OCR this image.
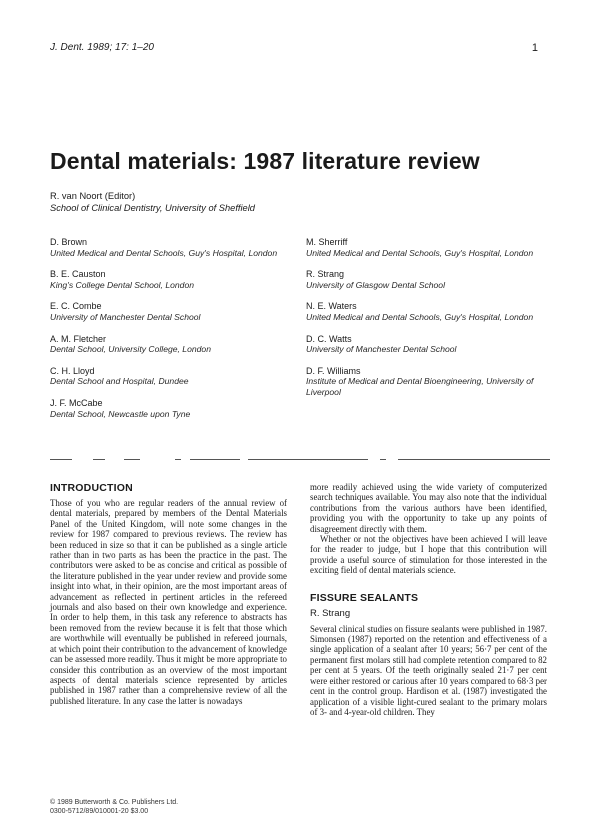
J. Dent. 1989; 17: 1–20	1
Dental materials: 1987 literature review
R. van Noort (Editor)
School of Clinical Dentistry, University of Sheffield
D. Brown
United Medical and Dental Schools, Guy's Hospital, London
B. E. Causton
King's College Dental School, London
E. C. Combe
University of Manchester Dental School
A. M. Fletcher
Dental School, University College, London
C. H. Lloyd
Dental School and Hospital, Dundee
J. F. McCabe
Dental School, Newcastle upon Tyne
M. Sherriff
United Medical and Dental Schools, Guy's Hospital, London
R. Strang
University of Glasgow Dental School
N. E. Waters
United Medical and Dental Schools, Guy's Hospital, London
D. C. Watts
University of Manchester Dental School
D. F. Williams
Institute of Medical and Dental Bioengineering, University of Liverpool
INTRODUCTION

Those of you who are regular readers of the annual review of dental materials, prepared by members of the Dental Materials Panel of the United Kingdom, will note some changes in the review for 1987 compared to previous reviews. The review has been reduced in size so that it can be published as a single article rather than in two parts as has been the practice in the past. The contributors were asked to be as concise and critical as possible of the literature published in the year under review and provide some insight into what, in their opinion, are the most important areas of advancement as reflected in pertinent articles in the refereed journals and also based on their own knowledge and experience. In order to help them, in this task any reference to abstracts has been removed from the review because it is felt that those which are worthwhile will eventually be published in refereed journals, at which point their contribution to the advancement of knowledge can be assessed more readily. Thus it might be more appropriate to consider this contribution as an overview of the most important aspects of dental materials science represented by articles published in 1987 rather than a comprehensive review of all the published literature. In any case the latter is nowadays

more readily achieved using the wide variety of computerized search techniques available. You may also note that the individual contributions from the various authors have been identified, providing you with the opportunity to take up any points of disagreement directly with them.

Whether or not the objectives have been achieved I will leave for the reader to judge, but I hope that this contribution will provide a useful source of stimulation for those interested in the exciting field of dental materials science.

FISSURE SEALANTS
R. Strang

Several clinical studies on fissure sealants were published in 1987. Simonsen (1987) reported on the retention and effectiveness of a single application of a sealant after 10 years; 56·7 per cent of the permanent first molars still had complete retention compared to 82 per cent at 5 years. Of the teeth originally sealed 21·7 per cent were either restored or carious after 10 years compared to 68·3 per cent in the control group. Hardison et al. (1987) investigated the application of a visible light-cured sealant to the primary molars of 3- and 4-year-old children. They

© 1989 Butterworth & Co. Publishers Ltd.
0300-5712/89/010001-20 $3.00
